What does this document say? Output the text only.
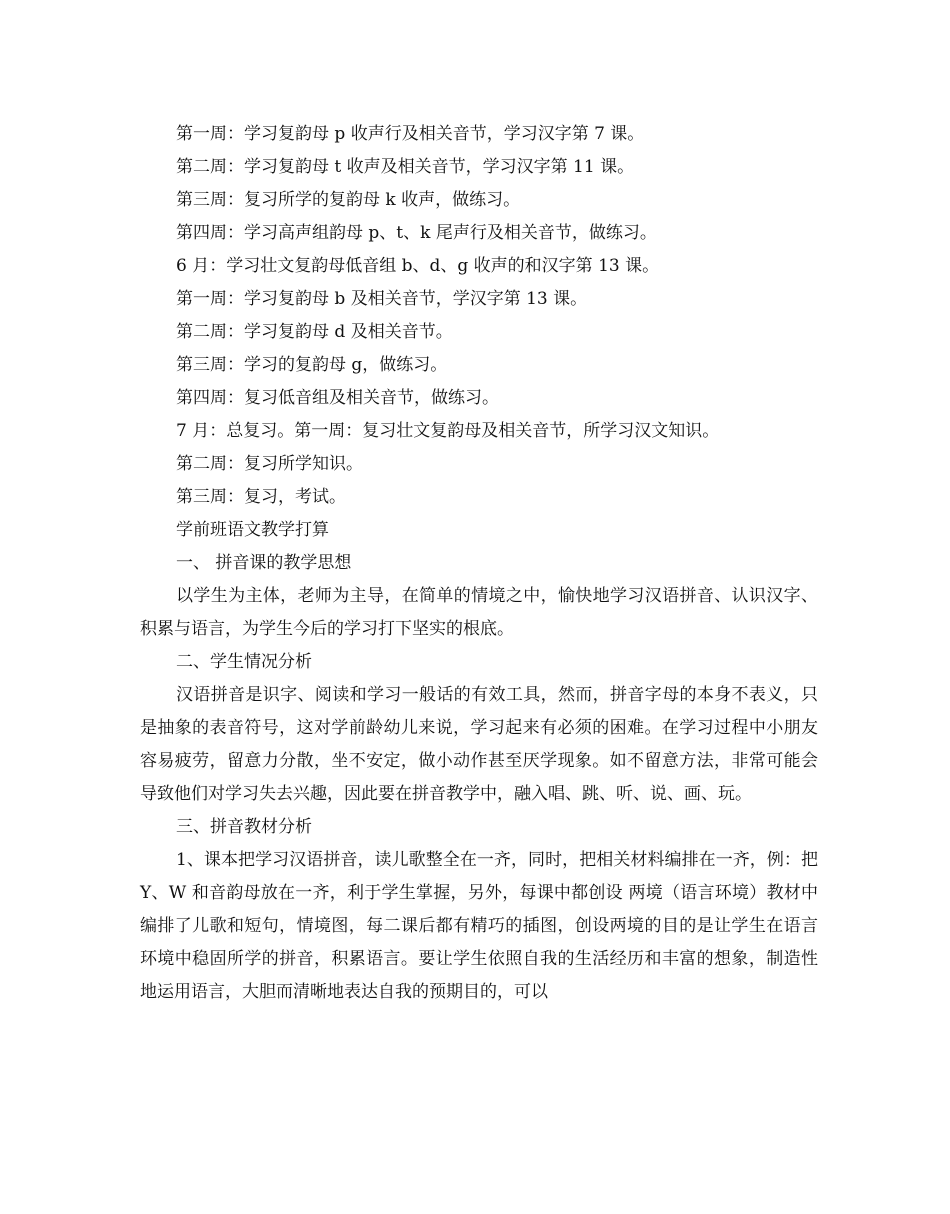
第一周：学习复韵母 p 收声行及相关音节，学习汉字第 7 课。
第二周：学习复韵母 t 收声及相关音节，学习汉字第 11 课。
第三周：复习所学的复韵母 k 收声，做练习。
第四周：学习高声组韵母 p、t、k 尾声行及相关音节，做练习。
6 月：学习壮文复韵母低音组 b、d、g 收声的和汉字第 13 课。
第一周：学习复韵母 b 及相关音节，学汉字第 13 课。
第二周：学习复韵母 d 及相关音节。
第三周：学习的复韵母 g，做练习。
第四周：复习低音组及相关音节，做练习。
7 月：总复习。第一周：复习壮文复韵母及相关音节，所学习汉文知识。
第二周：复习所学知识。
第三周：复习，考试。
学前班语文教学打算
一、 拼音课的教学思想

以学生为主体，老师为主导，在简单的情境之中，愉快地学习汉语拼音、认识汉字、积累与语言，为学生今后的学习打下坚实的根底。

二、学生情况分析

汉语拼音是识字、阅读和学习一般话的有效工具，然而，拼音字母的本身不表义，只是抽象的表音符号，这对学前龄幼儿来说，学习起来有必须的困难。在学习过程中小朋友容易疲劳，留意力分散，坐不安定，做小动作甚至厌学现象。如不留意方法，非常可能会导致他们对学习失去兴趣，因此要在拼音教学中，融入唱、跳、听、说、画、玩。

三、拼音教材分析

1、课本把学习汉语拼音，读儿歌整全在一齐，同时，把相关材料编排在一齐，例：把 Y、W 和音韵母放在一齐，利于学生掌握，另外，每课中都创设 两境（语言环境）教材中编排了儿歌和短句，情境图，每二课后都有精巧的插图，创设两境的目的是让学生在语言环境中稳固所学的拼音，积累语言。要让学生依照自我的生活经历和丰富的想象，制造性地运用语言，大胆而清晰地表达自我的预期目的，可以
